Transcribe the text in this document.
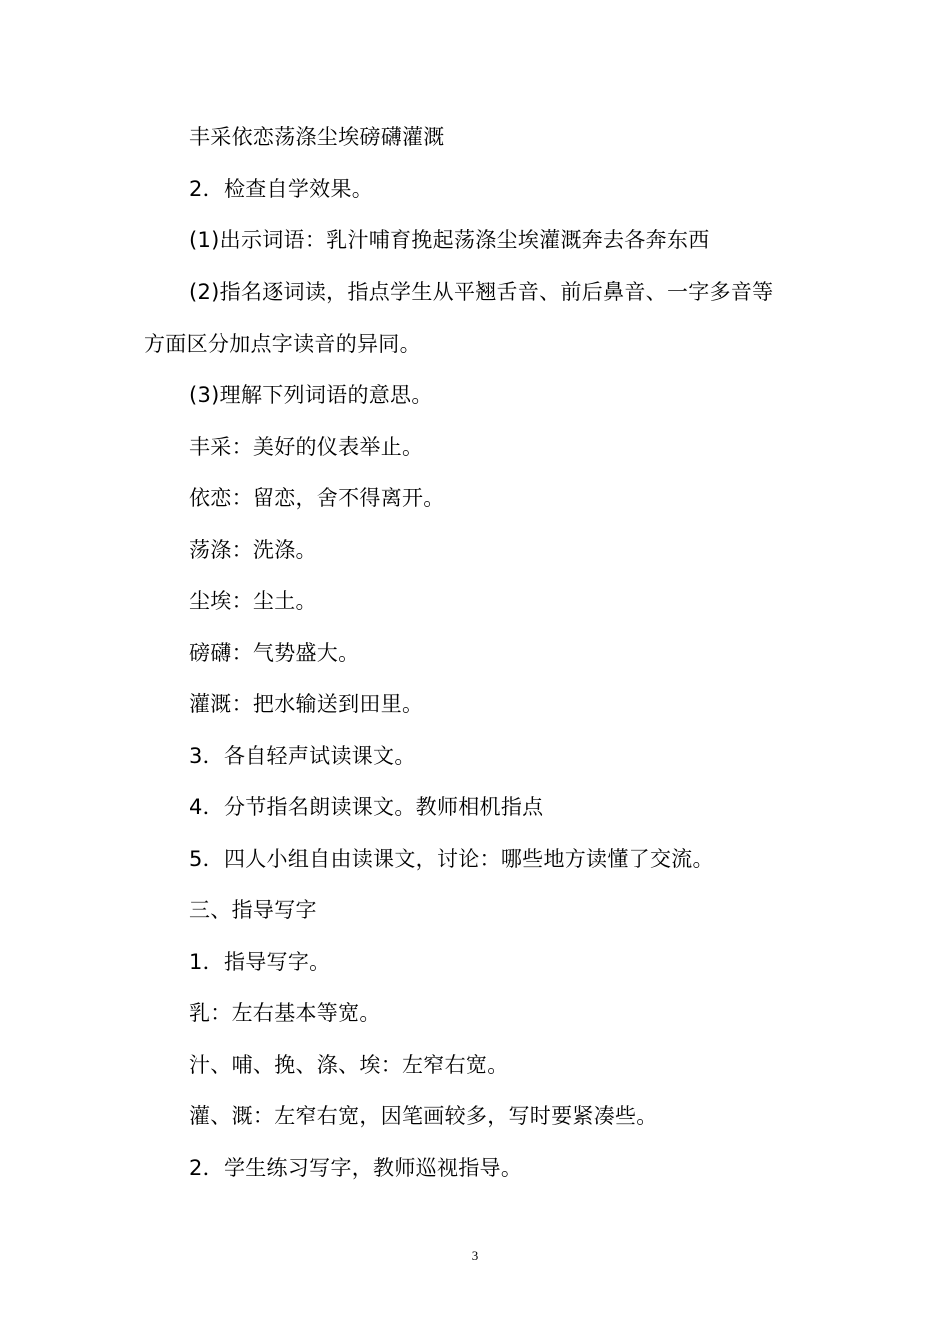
丰采依恋荡涤尘埃磅礴灌溉
2．检查自学效果。
(1)出示词语：乳汁哺育挽起荡涤尘埃灌溉奔去各奔东西
(2)指名逐词读，指点学生从平翘舌音、前后鼻音、一字多音等
方面区分加点字读音的异同。
(3)理解下列词语的意思。
丰采：美好的仪表举止。
依恋：留恋，舍不得离开。
荡涤：洗涤。
尘埃：尘土。
磅礴：气势盛大。
灌溉：把水输送到田里。
3．各自轻声试读课文。
4．分节指名朗读课文。教师相机指点
5．四人小组自由读课文，讨论：哪些地方读懂了交流。
三、指导写字
1．指导写字。
乳：左右基本等宽。
汁、哺、挽、涤、埃：左窄右宽。
灌、溉：左窄右宽，因笔画较多，写时要紧凑些。
2．学生练习写字，教师巡视指导。
3
